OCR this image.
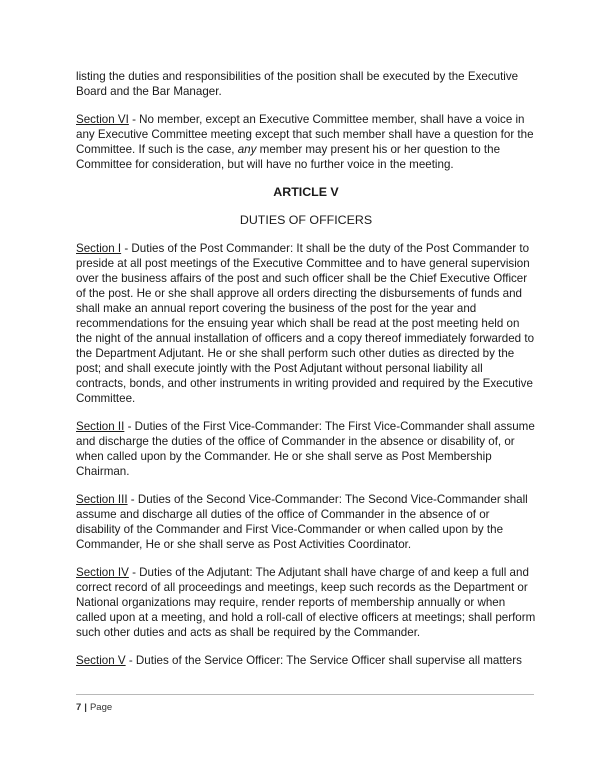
listing the duties and responsibilities of the position shall be executed by the Executive Board and the Bar Manager.

Section VI - No member, except an Executive Committee member, shall have a voice in any Executive Committee meeting except that such member shall have a question for the Committee. If such is the case, any member may present his or her question to the Committee for consideration, but will have no further voice in the meeting.

ARTICLE V
DUTIES OF OFFICERS

Section I - Duties of the Post Commander: It shall be the duty of the Post Commander to preside at all post meetings of the Executive Committee and to have general supervision over the business affairs of the post and such officer shall be the Chief Executive Officer of the post. He or she shall approve all orders directing the disbursements of funds and shall make an annual report covering the business of the post for the year and recommendations for the ensuing year which shall be read at the post meeting held on the night of the annual installation of officers and a copy thereof immediately forwarded to the Department Adjutant. He or she shall perform such other duties as directed by the post; and shall execute jointly with the Post Adjutant without personal liability all contracts, bonds, and other instruments in writing provided and required by the Executive Committee.

Section II - Duties of the First Vice-Commander: The First Vice-Commander shall assume and discharge the duties of the office of Commander in the absence or disability of, or when called upon by the Commander. He or she shall serve as Post Membership Chairman.

Section III - Duties of the Second Vice-Commander: The Second Vice-Commander shall assume and discharge all duties of the office of Commander in the absence of or disability of the Commander and First Vice-Commander or when called upon by the Commander, He or she shall serve as Post Activities Coordinator.

Section IV - Duties of the Adjutant: The Adjutant shall have charge of and keep a full and correct record of all proceedings and meetings, keep such records as the Department or National organizations may require, render reports of membership annually or when called upon at a meeting, and hold a roll-call of elective officers at meetings; shall perform such other duties and acts as shall be required by the Commander.

Section V - Duties of the Service Officer: The Service Officer shall supervise all matters

7 | Page
